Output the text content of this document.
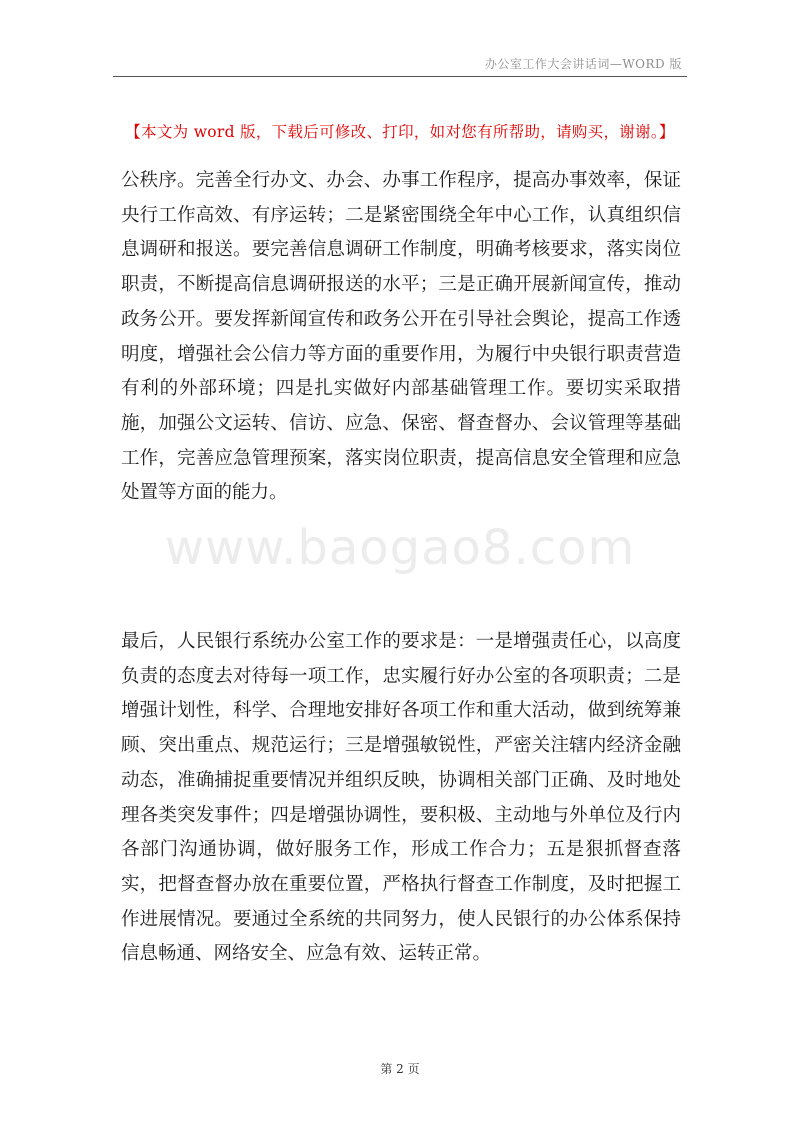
办公室工作大会讲话词—WORD 版
【本文为 word 版，下载后可修改、打印，如对您有所帮助，请购买，谢谢。】
公秩序。完善全行办文、办会、办事工作程序，提高办事效率，保证央行工作高效、有序运转；二是紧密围绕全年中心工作，认真组织信息调研和报送。要完善信息调研工作制度，明确考核要求，落实岗位职责，不断提高信息调研报送的水平；三是正确开展新闻宣传，推动政务公开。要发挥新闻宣传和政务公开在引导社会舆论，提高工作透明度，增强社会公信力等方面的重要作用，为履行中央银行职责营造有利的外部环境；四是扎实做好内部基础管理工作。要切实采取措施，加强公文运转、信访、应急、保密、督查督办、会议管理等基础工作，完善应急管理预案，落实岗位职责，提高信息安全管理和应急处置等方面的能力。
www.baogao8.com
最后，人民银行系统办公室工作的要求是：一是增强责任心，以高度负责的态度去对待每一项工作，忠实履行好办公室的各项职责；二是增强计划性，科学、合理地安排好各项工作和重大活动，做到统筹兼顾、突出重点、规范运行；三是增强敏锐性，严密关注辖内经济金融动态，准确捕捉重要情况并组织反映，协调相关部门正确、及时地处理各类突发事件；四是增强协调性，要积极、主动地与外单位及行内各部门沟通协调，做好服务工作，形成工作合力；五是狠抓督查落实，把督查督办放在重要位置，严格执行督查工作制度，及时把握工作进展情况。要通过全系统的共同努力，使人民银行的办公体系保持信息畅通、网络安全、应急有效、运转正常。
第 2 页
